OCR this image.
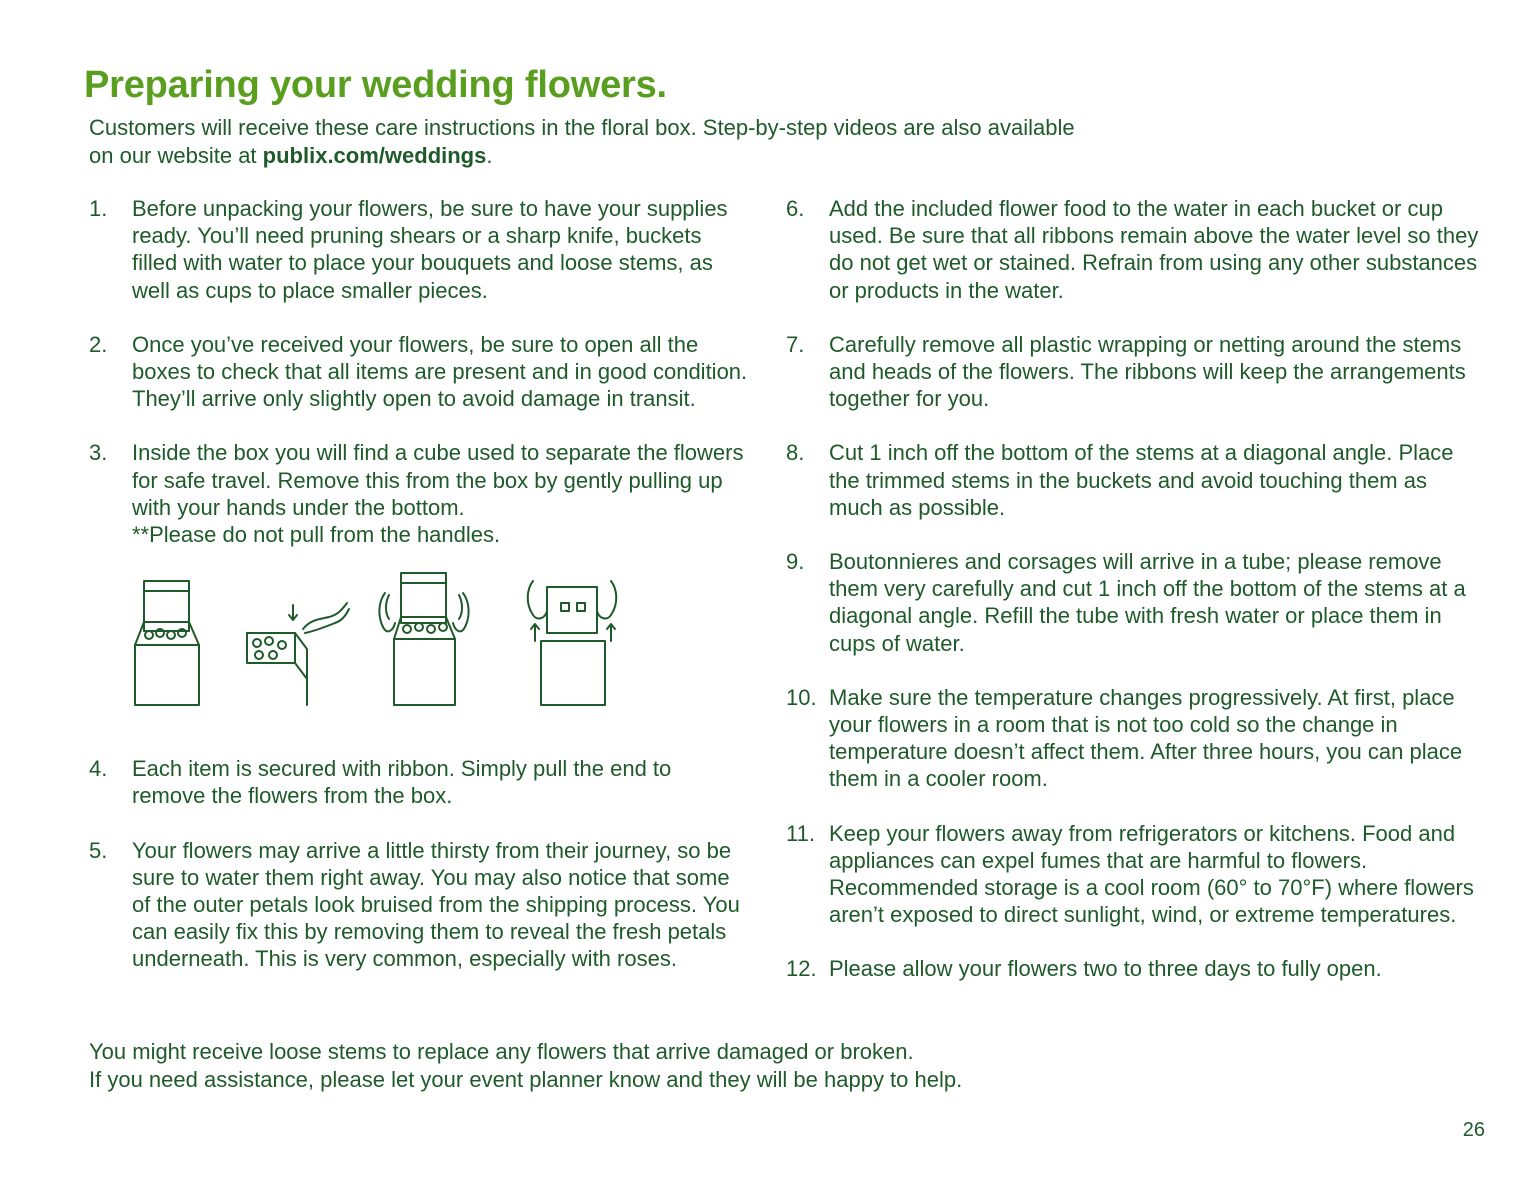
Preparing your wedding flowers.

Customers will receive these care instructions in the floral box. Step-by-step videos are also available
on our website at publix.com/weddings.

1. Before unpacking your flowers, be sure to have your supplies ready. You’ll need pruning shears or a sharp knife, buckets filled with water to place your bouquets and loose stems, as well as cups to place smaller pieces.
2. Once you’ve received your flowers, be sure to open all the boxes to check that all items are present and in good condition. They’ll arrive only slightly open to avoid damage in transit.
3. Inside the box you will find a cube used to separate the flowers for safe travel. Remove this from the box by gently pulling up with your hands under the bottom.
**Please do not pull from the handles.
4. Each item is secured with ribbon. Simply pull the end to remove the flowers from the box.
5. Your flowers may arrive a little thirsty from their journey, so be sure to water them right away. You may also notice that some of the outer petals look bruised from the shipping process. You can easily fix this by removing them to reveal the fresh petals underneath. This is very common, especially with roses.
6. Add the included flower food to the water in each bucket or cup used. Be sure that all ribbons remain above the water level so they do not get wet or stained. Refrain from using any other substances or products in the water.
7. Carefully remove all plastic wrapping or netting around the stems and heads of the flowers. The ribbons will keep the arrangements together for you.
8. Cut 1 inch off the bottom of the stems at a diagonal angle. Place the trimmed stems in the buckets and avoid touching them as much as possible.
9. Boutonnieres and corsages will arrive in a tube; please remove them very carefully and cut 1 inch off the bottom of the stems at a diagonal angle. Refill the tube with fresh water or place them in cups of water.
10. Make sure the temperature changes progressively. At first, place your flowers in a room that is not too cold so the change in temperature doesn’t affect them. After three hours, you can place them in a cooler room.
11. Keep your flowers away from refrigerators or kitchens. Food and appliances can expel fumes that are harmful to flowers. Recommended storage is a cool room (60° to 70°F) where flowers aren’t exposed to direct sunlight, wind, or extreme temperatures.
12. Please allow your flowers two to three days to fully open.

You might receive loose stems to replace any flowers that arrive damaged or broken.
If you need assistance, please let your event planner know and they will be happy to help.

26
